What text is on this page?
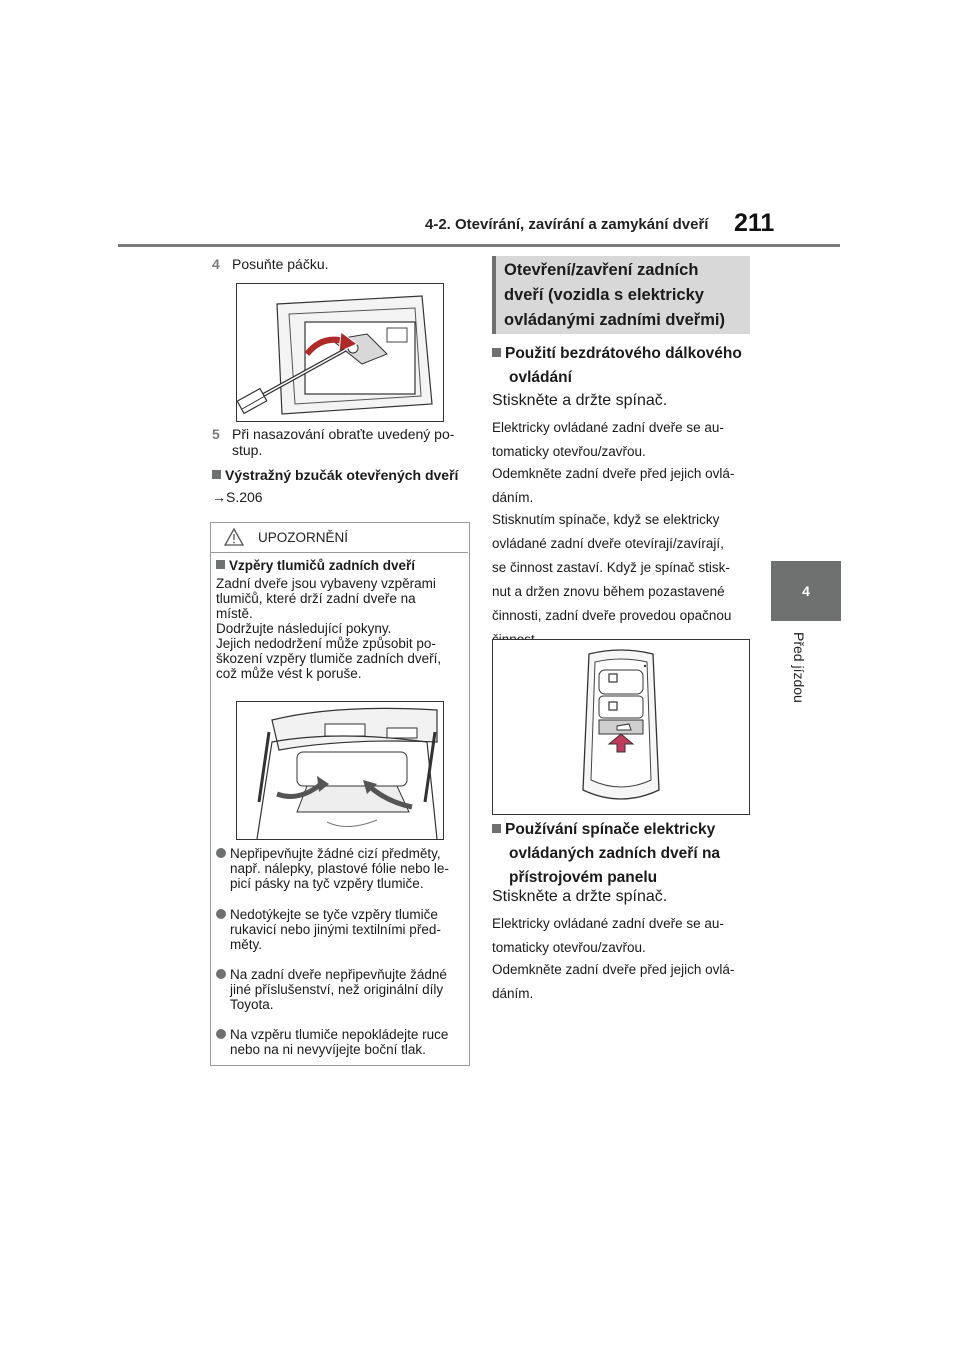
4-2. Otevírání, zavírání a zamykání dveří 211
4
Před jízdou
4 Posuňte páčku.
5 Při nasazování obraťte uvedený po-
stup.
Výstražný bzučák otevřených dveří
→S.206
UPOZORNĚNÍ
Vzpěry tlumičů zadních dveří
Zadní dveře jsou vybaveny vzpěrami
tlumičů, které drží zadní dveře na
místě.
Dodržujte následující pokyny.
Jejich nedodržení může způsobit po-
škození vzpěry tlumiče zadních dveří,
což může vést k poruše.
Nepřipevňujte žádné cizí předměty,
např. nálepky, plastové fólie nebo le-
picí pásky na tyč vzpěry tlumiče.
Nedotýkejte se tyče vzpěry tlumiče
rukavicí nebo jinými textilními před-
měty.
Na zadní dveře nepřipevňujte žádné
jiné příslušenství, než originální díly
Toyota.
Na vzpěru tlumiče nepokládejte ruce
nebo na ni nevyvíjejte boční tlak.
Otevření/zavření zadních
dveří (vozidla s elektricky
ovládanými zadními dveřmi)
Použití bezdrátového dálkového
ovládání
Stiskněte a držte spínač.
Elektricky ovládané zadní dveře se au-
tomaticky otevřou/zavřou.
Odemkněte zadní dveře před jejich ovlá-
dáním.
Stisknutím spínače, když se elektricky
ovládané zadní dveře otevírají/zavírají,
se činnost zastaví. Když je spínač stisk-
nut a držen znovu během pozastavené
činnosti, zadní dveře provedou opačnou
Používání spínače elektricky
ovládaných zadních dveří na
přístrojovém panelu
Stiskněte a držte spínač.
Elektricky ovládané zadní dveře se au-
tomaticky otevřou/zavřou.
Odemkněte zadní dveře před jejich ovlá-
dáním.
